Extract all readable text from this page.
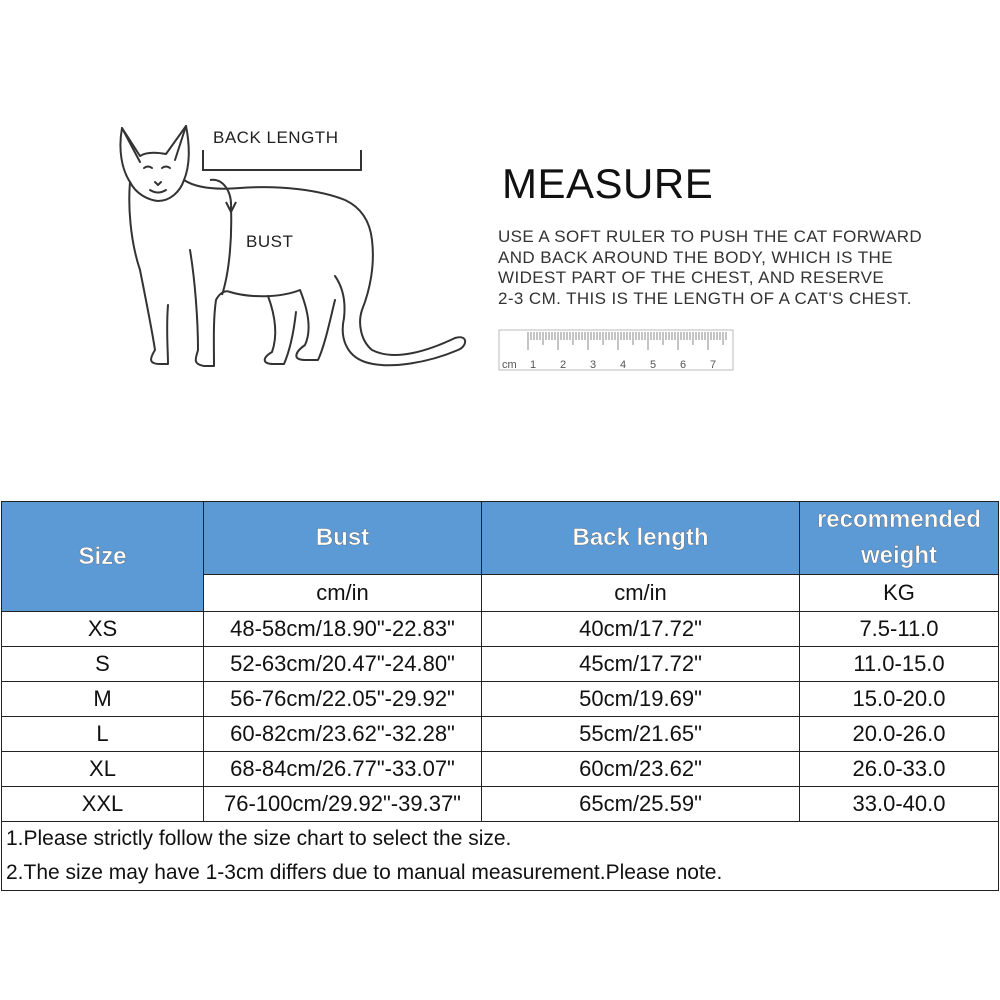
BACK LENGTH
BUST
MEASURE
USE A SOFT RULER TO PUSH THE CAT FORWARD
AND BACK AROUND THE BODY, WHICH IS THE
WIDEST PART OF THE CHEST, AND RESERVE
2-3 CM. THIS IS THE LENGTH OF A CAT'S CHEST.
cm 1 2 3 4 5 6 7
Size	Bust	Back length	recommended weight
	cm/in	cm/in	KG
XS	48-58cm/18.90"-22.83"	40cm/17.72"	7.5-11.0
S	52-63cm/20.47"-24.80"	45cm/17.72"	11.0-15.0
M	56-76cm/22.05"-29.92"	50cm/19.69"	15.0-20.0
L	60-82cm/23.62"-32.28"	55cm/21.65"	20.0-26.0
XL	68-84cm/26.77"-33.07"	60cm/23.62"	26.0-33.0
XXL	76-100cm/29.92"-39.37"	65cm/25.59"	33.0-40.0

1.Please strictly follow the size chart to select the size.
2.The size may have 1-3cm differs due to manual measurement.Please note.			
